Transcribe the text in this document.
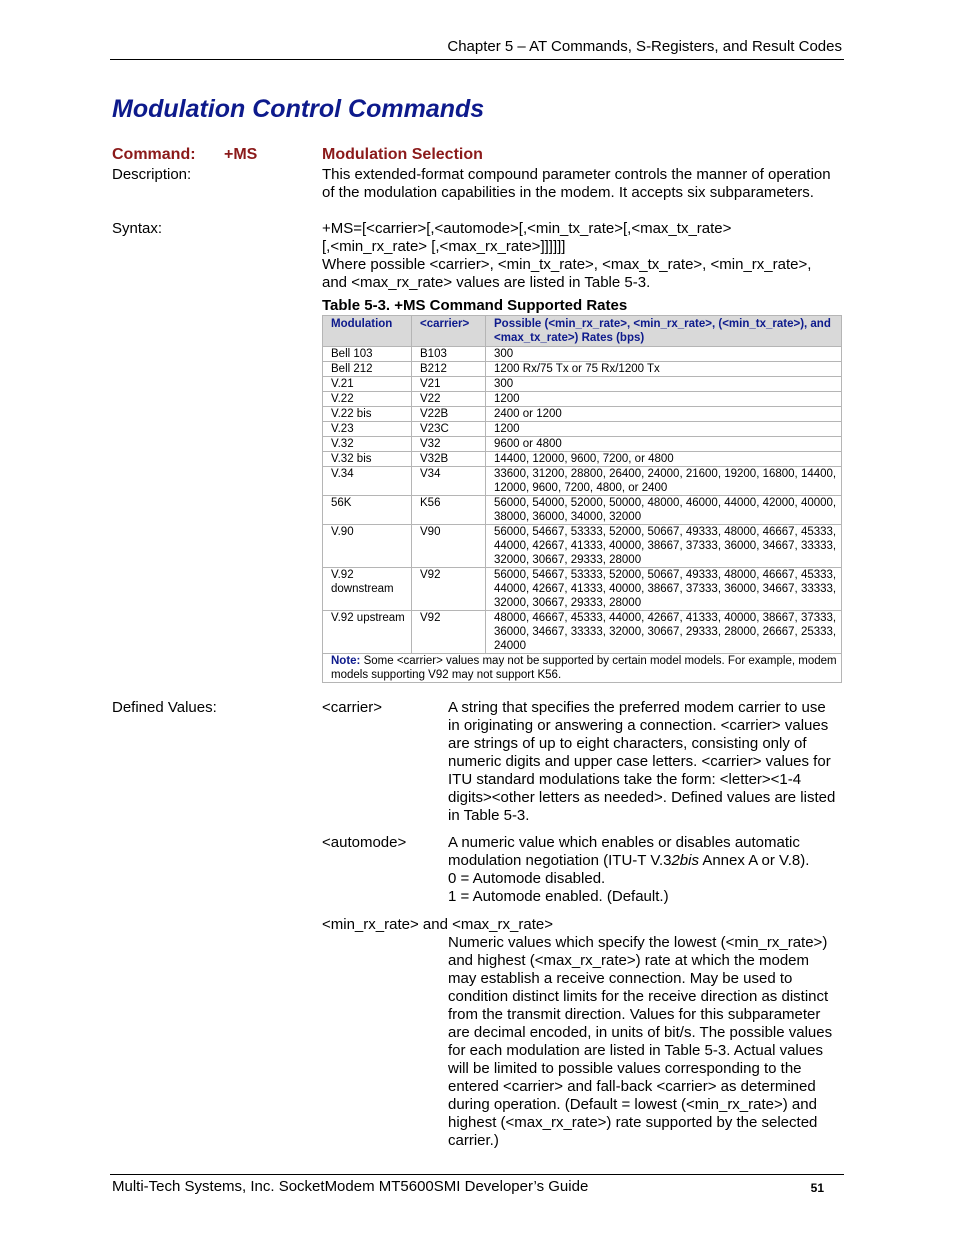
Chapter 5 – AT Commands, S-Registers, and Result Codes
Modulation Control Commands
Command: +MS	Modulation Selection
Description:	This extended-format compound parameter controls the manner of operation of the modulation capabilities in the modem. It accepts six subparameters.
Syntax:	+MS=[<carrier>[,<automode>[,<min_tx_rate>[,<max_tx_rate>
[,<min_rx_rate> [,<max_rx_rate>]]]]]]
Where possible <carrier>, <min_tx_rate>, <max_tx_rate>, <min_rx_rate>, and <max_rx_rate> values are listed in Table 5-3.
Table 5-3. +MS Command Supported Rates
Modulation	<carrier>	Possible (<min_rx_rate>, <min_rx_rate>, (<min_tx_rate>), and <max_tx_rate>) Rates (bps)
Bell 103	B103	300
Bell 212	B212	1200 Rx/75 Tx or 75 Rx/1200 Tx
V.21	V21	300
V.22	V22	1200
V.22 bis	V22B	2400 or 1200
V.23	V23C	1200
V.32	V32	9600 or 4800
V.32 bis	V32B	14400, 12000, 9600, 7200, or 4800
V.34	V34	33600, 31200, 28800, 26400, 24000, 21600, 19200, 16800, 14400, 12000, 9600, 7200, 4800, or 2400
56K	K56	56000, 54000, 52000, 50000, 48000, 46000, 44000, 42000, 40000, 38000, 36000, 34000, 32000
V.90	V90	56000, 54667, 53333, 52000, 50667, 49333, 48000, 46667, 45333, 44000, 42667, 41333, 40000, 38667, 37333, 36000, 34667, 33333, 32000, 30667, 29333, 28000
V.92 downstream	V92	56000, 54667, 53333, 52000, 50667, 49333, 48000, 46667, 45333, 44000, 42667, 41333, 40000, 38667, 37333, 36000, 34667, 33333, 32000, 30667, 29333, 28000
V.92 upstream	V92	48000, 46667, 45333, 44000, 42667, 41333, 40000, 38667, 37333, 36000, 34667, 33333, 32000, 30667, 29333, 28000, 26667, 25333, 24000
Note: Some <carrier> values may not be supported by certain model models. For example, modem models supporting V92 may not support K56.		
Defined Values:	<carrier>	A string that specifies the preferred modem carrier to use in originating or answering a connection. <carrier> values are strings of up to eight characters, consisting only of numeric digits and upper case letters. <carrier> values for ITU standard modulations take the form: <letter><1-4 digits><other letters as needed>. Defined values are listed in Table 5-3.
<automode>	A numeric value which enables or disables automatic modulation negotiation (ITU-T V.32bis Annex A or V.8).
0 = Automode disabled.
1 = Automode enabled. (Default.)
<min_rx_rate> and <max_rx_rate>
Numeric values which specify the lowest (<min_rx_rate>) and highest (<max_rx_rate>) rate at which the modem may establish a receive connection. May be used to condition distinct limits for the receive direction as distinct from the transmit direction. Values for this subparameter are decimal encoded, in units of bit/s. The possible values for each modulation are listed in Table 5-3. Actual values will be limited to possible values corresponding to the entered <carrier> and fall-back <carrier> as determined during operation. (Default = lowest (<min_rx_rate>) and highest (<max_rx_rate>) rate supported by the selected carrier.)
Multi-Tech Systems, Inc. SocketModem MT5600SMI Developer’s Guide	51
